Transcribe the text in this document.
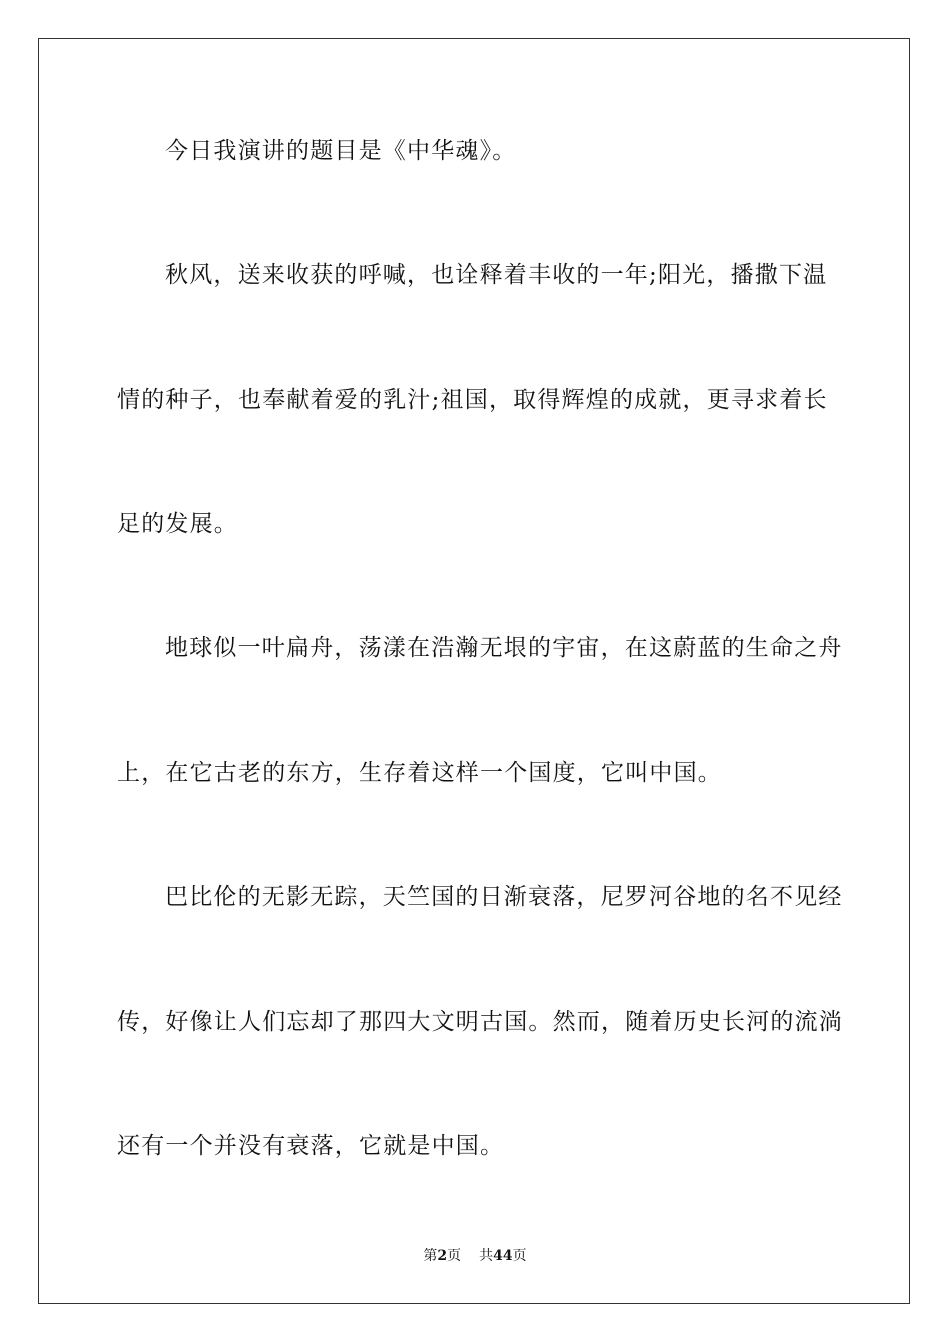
今日我演讲的题目是《中华魂》。
秋风，送来收获的呼喊，也诠释着丰收的一年;阳光，播撒下温
情的种子，也奉献着爱的乳汁;祖国，取得辉煌的成就，更寻求着长
足的发展。
地球似一叶扁舟，荡漾在浩瀚无垠的宇宙，在这蔚蓝的生命之舟
上，在它古老的东方，生存着这样一个国度，它叫中国。
巴比伦的无影无踪，天竺国的日渐衰落，尼罗河谷地的名不见经
传，好像让人们忘却了那四大文明古国。然而，随着历史长河的流淌
还有一个并没有衰落，它就是中国。
第2页 共44页
